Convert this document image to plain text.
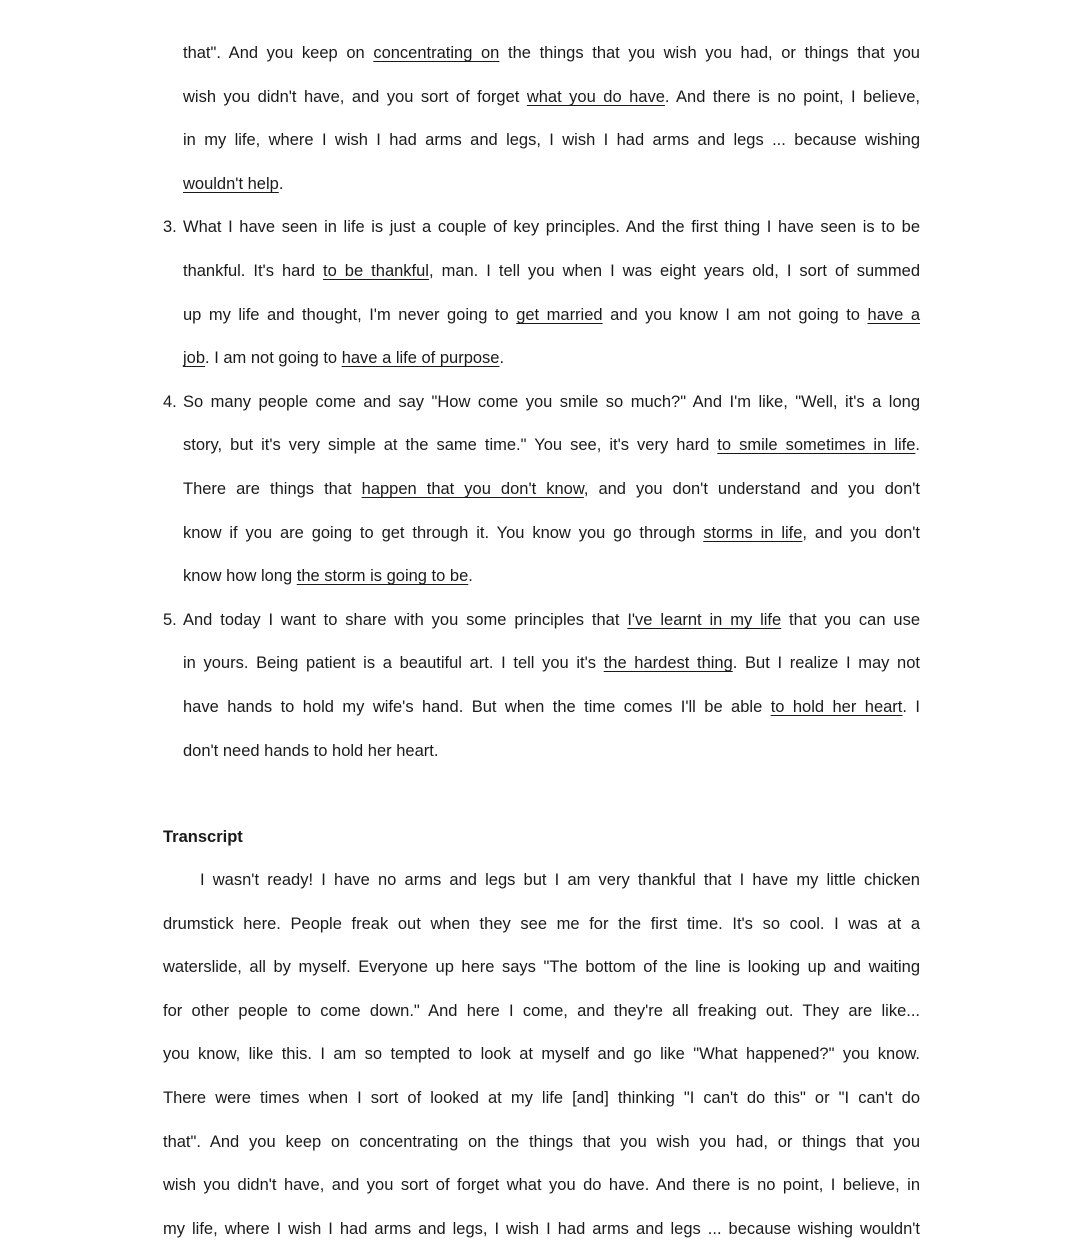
that". And you keep on concentrating on the things that you wish you had, or things that you
wish you didn't have, and you sort of forget what you do have. And there is no point, I believe,
in my life, where I wish I had arms and legs, I wish I had arms and legs ... because wishing
wouldn't help.
3. What I have seen in life is just a couple of key principles. And the first thing I have seen is to be
thankful. It's hard to be thankful, man. I tell you when I was eight years old, I sort of summed
up my life and thought, I'm never going to get married and you know I am not going to have a
job. I am not going to have a life of purpose.
4. So many people come and say "How come you smile so much?" And I'm like, "Well, it's a long
story, but it's very simple at the same time." You see, it's very hard to smile sometimes in life.
There are things that happen that you don't know, and you don't understand and you don't
know if you are going to get through it. You know you go through storms in life, and you don't
know how long the storm is going to be.
5. And today I want to share with you some principles that I've learnt in my life that you can use
in yours. Being patient is a beautiful art. I tell you it's the hardest thing. But I realize I may not
have hands to hold my wife's hand. But when the time comes I'll be able to hold her heart. I
don't need hands to hold her heart.
Transcript
I wasn't ready! I have no arms and legs but I am very thankful that I have my little chicken
drumstick here. People freak out when they see me for the first time. It's so cool. I was at a
waterslide, all by myself. Everyone up here says "The bottom of the line is looking up and waiting
for other people to come down." And here I come, and they're all freaking out. They are like...
you know, like this. I am so tempted to look at myself and go like "What happened?" you know.
There were times when I sort of looked at my life [and] thinking "I can't do this" or "I can't do
that". And you keep on concentrating on the things that you wish you had, or things that you
wish you didn't have, and you sort of forget what you do have. And there is no point, I believe, in
my life, where I wish I had arms and legs, I wish I had arms and legs ... because wishing wouldn't
